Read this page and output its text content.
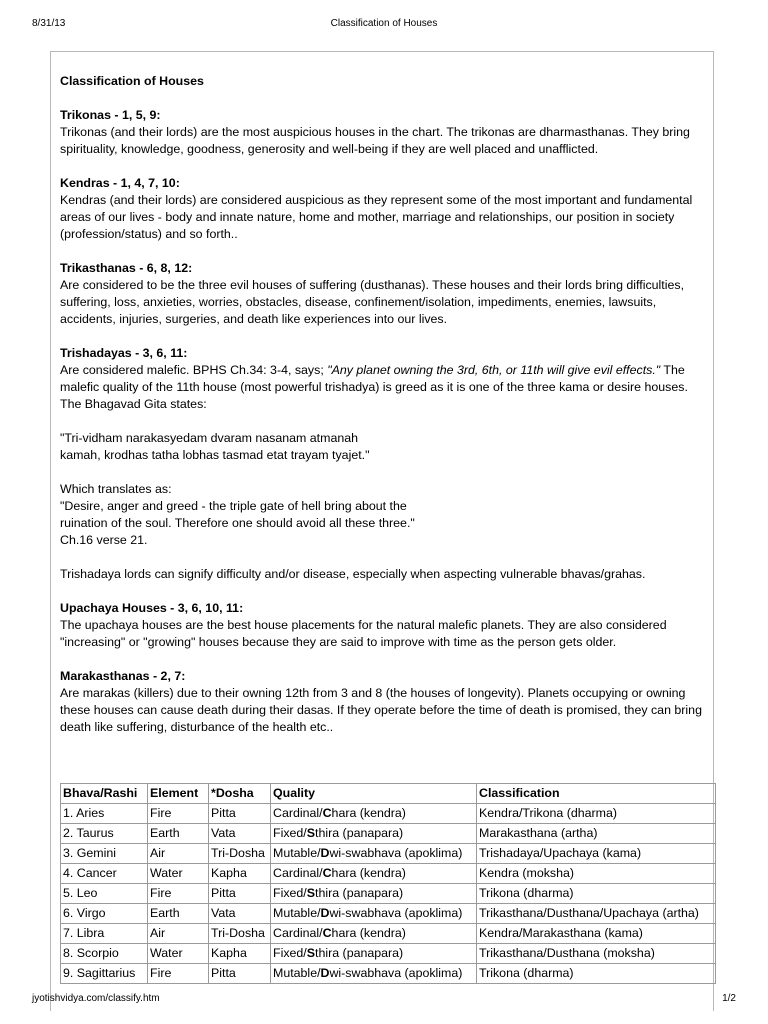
8/31/13	Classification of Houses
Classification of Houses
Trikonas - 1, 5, 9:
Trikonas (and their lords) are the most auspicious houses in the chart. The trikonas are dharmasthanas. They bring spirituality, knowledge, goodness, generosity and well-being if they are well placed and unafflicted.
Kendras - 1, 4, 7, 10:
Kendras (and their lords) are considered auspicious as they represent some of the most important and fundamental areas of our lives - body and innate nature, home and mother, marriage and relationships, our position in society (profession/status) and so forth..
Trikasthanas - 6, 8, 12:
Are considered to be the three evil houses of suffering (dusthanas). These houses and their lords bring difficulties, suffering, loss, anxieties, worries, obstacles, disease, confinement/isolation, impediments, enemies, lawsuits, accidents, injuries, surgeries, and death like experiences into our lives.
Trishadayas - 3, 6, 11:
Are considered malefic. BPHS Ch.34: 3-4, says; "Any planet owning the 3rd, 6th, or 11th will give evil effects." The malefic quality of the 11th house (most powerful trishadya) is greed as it is one of the three kama or desire houses. The Bhagavad Gita states:
"Tri-vidham narakasyedam dvaram nasanam atmanah
kamah, krodhas tatha lobhas tasmad etat trayam tyajet."
Which translates as:
"Desire, anger and greed - the triple gate of hell bring about the
ruination of the soul. Therefore one should avoid all these three."
Ch.16 verse 21.
Trishadaya lords can signify difficulty and/or disease, especially when aspecting vulnerable bhavas/grahas.
Upachaya Houses - 3, 6, 10, 11:
The upachaya houses are the best house placements for the natural malefic planets. They are also considered "increasing" or "growing" houses because they are said to improve with time as the person gets older.
Marakasthanas - 2, 7:
Are marakas (killers) due to their owning 12th from 3 and 8 (the houses of longevity). Planets occupying or owning these houses can cause death during their dasas. If they operate before the time of death is promised, they can bring death like suffering, disturbance of the health etc..
Bhava/Rashi	Element	*Dosha	Quality	Classification
1. Aries	Fire	Pitta	Cardinal/Chara (kendra)	Kendra/Trikona (dharma)
2. Taurus	Earth	Vata	Fixed/Sthira (panapara)	Marakasthana (artha)
3. Gemini	Air	Tri-Dosha	Mutable/Dwi-swabhava (apoklima)	Trishadaya/Upachaya (kama)
4. Cancer	Water	Kapha	Cardinal/Chara (kendra)	Kendra (moksha)
5. Leo	Fire	Pitta	Fixed/Sthira (panapara)	Trikona (dharma)
6. Virgo	Earth	Vata	Mutable/Dwi-swabhava (apoklima)	Trikasthana/Dusthana/Upachaya (artha)
7. Libra	Air	Tri-Dosha	Cardinal/Chara (kendra)	Kendra/Marakasthana (kama)
8. Scorpio	Water	Kapha	Fixed/Sthira (panapara)	Trikasthana/Dusthana (moksha)
9. Sagittarius	Fire	Pitta	Mutable/Dwi-swabhava (apoklima)	Trikona (dharma)
jyotishvidya.com/classify.htm	1/2
